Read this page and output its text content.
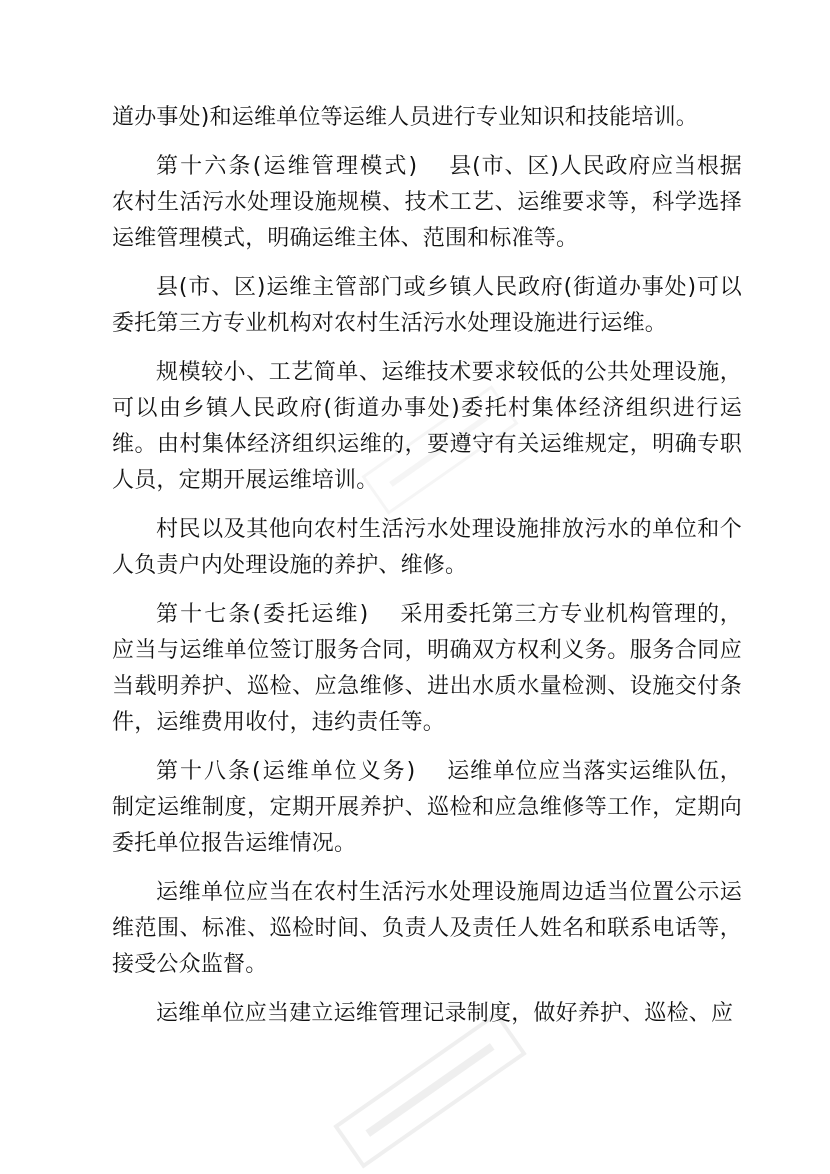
道办事处)和运维单位等运维人员进行专业知识和技能培训。

第十六条(运维管理模式) 县(市、区)人民政府应当根据农村生活污水处理设施规模、技术工艺、运维要求等，科学选择运维管理模式，明确运维主体、范围和标准等。

县(市、区)运维主管部门或乡镇人民政府(街道办事处)可以委托第三方专业机构对农村生活污水处理设施进行运维。

规模较小、工艺简单、运维技术要求较低的公共处理设施，可以由乡镇人民政府(街道办事处)委托村集体经济组织进行运维。由村集体经济组织运维的，要遵守有关运维规定，明确专职人员，定期开展运维培训。

村民以及其他向农村生活污水处理设施排放污水的单位和个人负责户内处理设施的养护、维修。

第十七条(委托运维) 采用委托第三方专业机构管理的，应当与运维单位签订服务合同，明确双方权利义务。服务合同应当载明养护、巡检、应急维修、进出水质水量检测、设施交付条件，运维费用收付，违约责任等。

第十八条(运维单位义务) 运维单位应当落实运维队伍，制定运维制度，定期开展养护、巡检和应急维修等工作，定期向委托单位报告运维情况。

运维单位应当在农村生活污水处理设施周边适当位置公示运维范围、标准、巡检时间、负责人及责任人姓名和联系电话等，接受公众监督。

运维单位应当建立运维管理记录制度，做好养护、巡检、应
